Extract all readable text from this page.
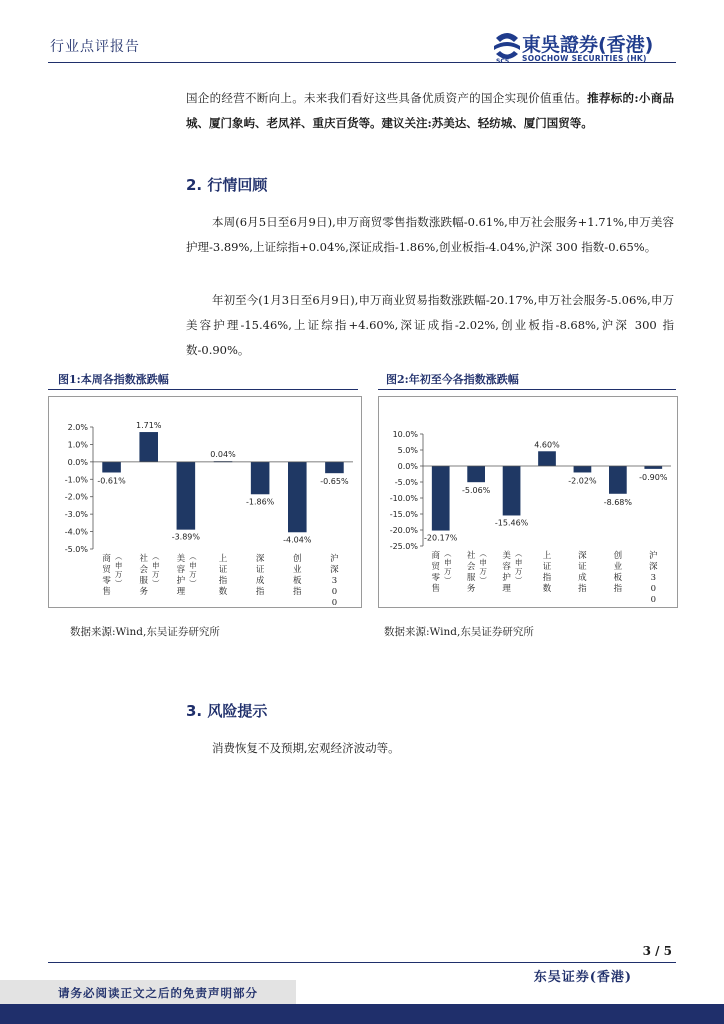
行业点评报告
SCS
東吳證券(香港)
SOOCHOW SECURITIES (HK)
国企的经营不断向上。未来我们看好这些具备优质资产的国企实现价值重估。推荐标的:小商品城、厦门象屿、老凤祥、重庆百货等。建议关注:苏美达、轻纺城、厦门国贸等。
2. 行情回顾
本周(6月5日至6月9日),申万商贸零售指数涨跌幅-0.61%,申万社会服务+1.71%,申万美容护理-3.89%,上证综指+0.04%,深证成指-1.86%,创业板指-4.04%,沪深 300 指数-0.65%。
年初至今(1月3日至6月9日),申万商业贸易指数涨跌幅-20.17%,申万社会服务-5.06%,申万美容护理-15.46%,上证综指+4.60%,深证成指-2.02%,创业板指-8.68%,沪深 300 指数-0.90%。
图1:本周各指数涨跌幅
2.0%
1.0%
0.0%
-1.0%
-2.0%
-3.0%
-4.0%
-5.0%
-0.61%
1.71%
-3.89%
0.04%
-1.86%
-4.04%
-0.65%
商贸零售︵申万︶
社会服务︵申万︶
美容护理︵申万︶
上证指数
深证成指
创业板指
沪深 3 0 0
数据来源:Wind,东吴证券研究所
图2:年初至今各指数涨跌幅
10.0%
5.0%
0.0%
-5.0%
-10.0%
-15.0%
-20.0%
-25.0%
-20.17%
-5.06%
-15.46%
4.60%
-2.02%
-8.68%
-0.90%
商贸零售︵申万︶
社会服务︵申万︶
美容护理︵申万︶
上证指数
深证成指
创业板指
沪深 3 0 0
数据来源:Wind,东吴证券研究所
3. 风险提示
消费恢复不及预期,宏观经济波动等。
3 / 5
东吴证券(香港)
请务必阅读正文之后的免责声明部分
